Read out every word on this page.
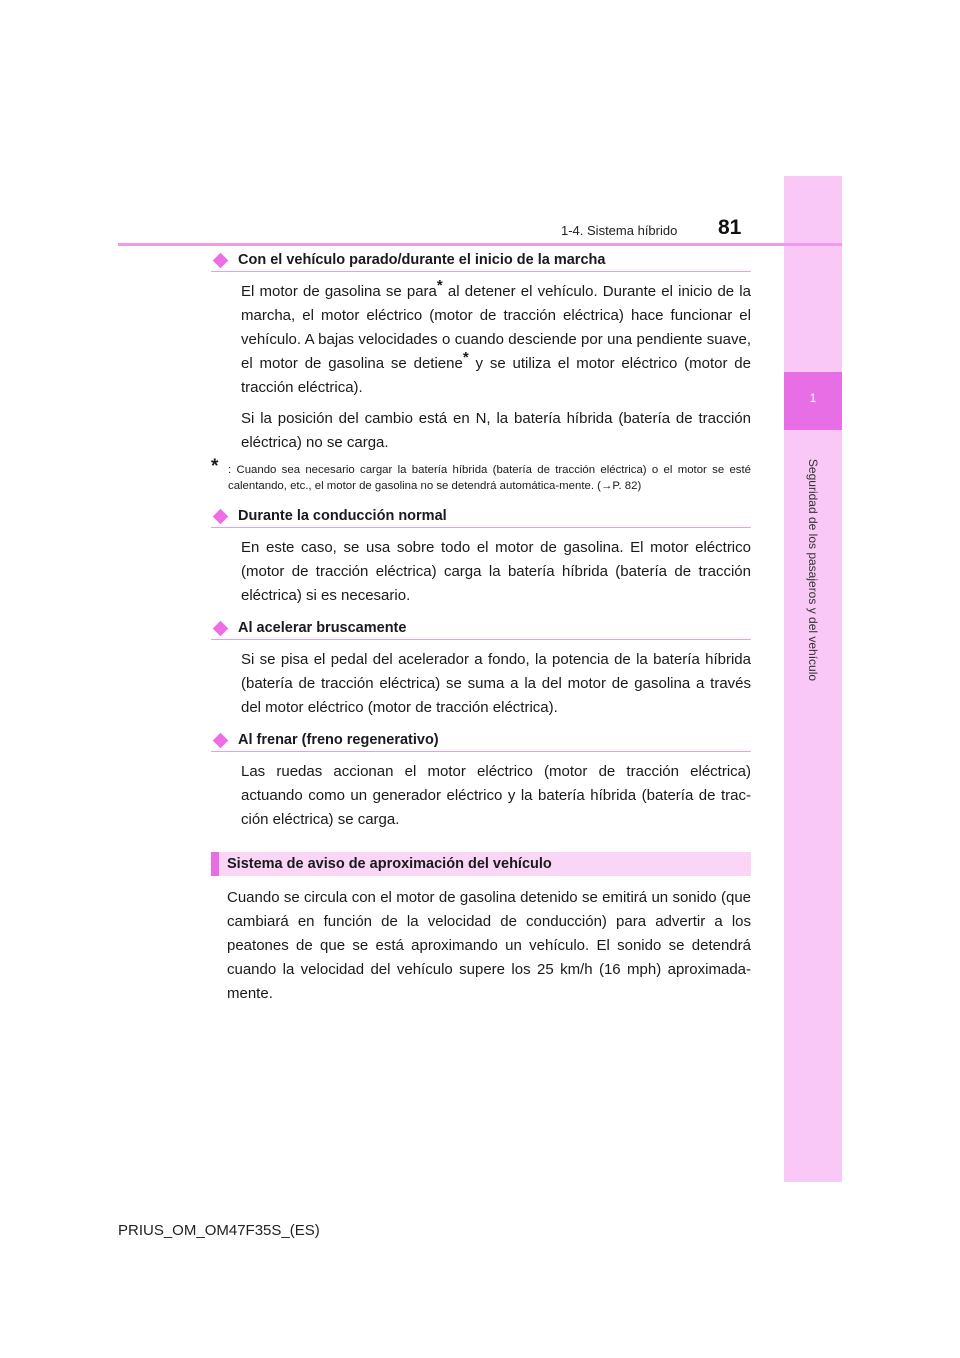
1
Seguridad de los pasajeros y del vehículo
1-4. Sistema híbrido 81
Con el vehículo parado/durante el inicio de la marcha

El motor de gasolina se para* al detener el vehículo. Durante el inicio de la marcha, el motor eléctrico (motor de tracción eléctrica) hace funcionar el vehículo. A bajas velocidades o cuando desciende por una pendiente suave, el motor de gasolina se detiene* y se utiliza el motor eléctrico (motor de tracción eléctrica).

Si la posición del cambio está en N, la batería híbrida (batería de tracción eléctrica) no se carga.

* : Cuando sea necesario cargar la batería híbrida (batería de tracción eléctrica) o el motor se esté calentando, etc., el motor de gasolina no se detendrá automática-mente. (→P. 82)

Durante la conducción normal

En este caso, se usa sobre todo el motor de gasolina. El motor eléctrico (motor de tracción eléctrica) carga la batería híbrida (batería de tracción eléctrica) si es necesario.

Al acelerar bruscamente

Si se pisa el pedal del acelerador a fondo, la potencia de la batería híbrida (batería de tracción eléctrica) se suma a la del motor de gasolina a través del motor eléctrico (motor de tracción eléctrica).

Al frenar (freno regenerativo)

Las ruedas accionan el motor eléctrico (motor de tracción eléctrica) actuando como un generador eléctrico y la batería híbrida (batería de trac-ción eléctrica) se carga.

Sistema de aviso de aproximación del vehículo

Cuando se circula con el motor de gasolina detenido se emitirá un sonido (que cambiará en función de la velocidad de conducción) para advertir a los peatones de que se está aproximando un vehículo. El sonido se detendrá cuando la velocidad del vehículo supere los 25 km/h (16 mph) aproximada-mente.

PRIUS_OM_OM47F35S_(ES)
